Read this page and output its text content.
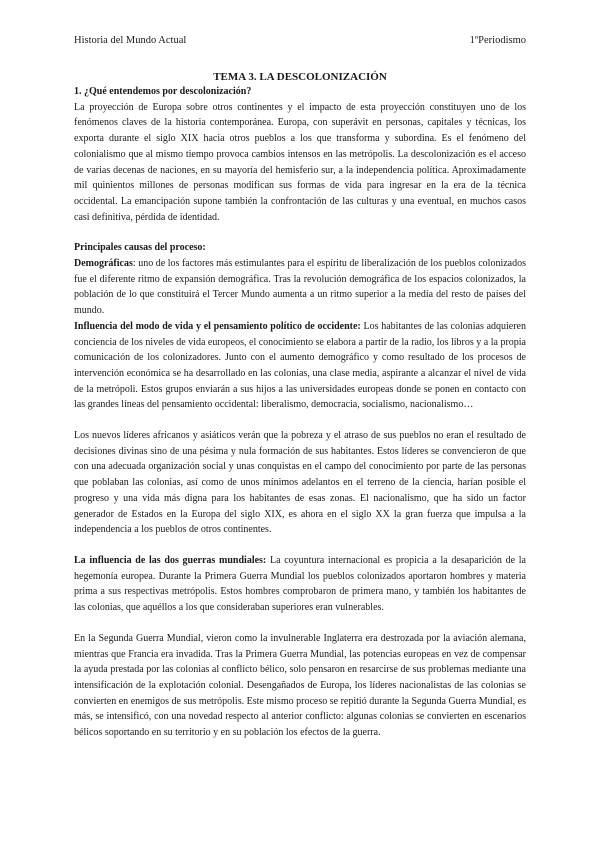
Historia del Mundo Actual	1ºPeriodismo

TEMA 3. LA DESCOLONIZACIÓN

1. ¿Qué entendemos por descolonización?

La proyección de Europa sobre otros continentes y el impacto de esta proyección constituyen uno de los fenómenos claves de la historia contemporánea. Europa, con superávit en personas, capitales y técnicas, los exporta durante el siglo XIX hacia otros pueblos a los que transforma y subordina. Es el fenómeno del colonialismo que al mismo tiempo provoca cambios intensos en las metrópolis. La descolonización es el acceso de varias decenas de naciones, en su mayoría del hemisferio sur, a la independencia política. Aproximadamente mil quinientos millones de personas modifican sus formas de vida para ingresar en la era de la técnica occidental. La emancipación supone también la confrontación de las culturas y una eventual, en muchos casos casi definitiva, pérdida de identidad.

Principales causas del proceso:

Demográficas: uno de los factores más estimulantes para el espíritu de liberalización de los pueblos colonizados fue el diferente ritmo de expansión demográfica. Tras la revolución demográfica de los espacios colonizados, la población de lo que constituirá el Tercer Mundo aumenta a un ritmo superior a la media del resto de países del mundo.

Influencia del modo de vida y el pensamiento político de occidente: Los habitantes de las colonias adquieren conciencia de los niveles de vida europeos, el conocimiento se elabora a partir de la radio, los libros y a la propia comunicación de los colonizadores. Junto con el aumento demográfico y como resultado de los procesos de intervención económica se ha desarrollado en las colonias, una clase media, aspirante a alcanzar el nivel de vida de la metrópoli. Estos grupos enviarán a sus hijos a las universidades europeas donde se ponen en contacto con las grandes líneas del pensamiento occidental: liberalismo, democracia, socialismo, nacionalismo…

Los nuevos líderes africanos y asiáticos verán que la pobreza y el atraso de sus pueblos no eran el resultado de decisiones divinas sino de una pésima y nula formación de sus habitantes. Estos líderes se convencieron de que con una adecuada organización social y unas conquistas en el campo del conocimiento por parte de las personas que poblaban las colonias, así como de unos mínimos adelantos en el terreno de la ciencia, harían posible el progreso y una vida más digna para los habitantes de esas zonas. El nacionalismo, que ha sido un factor generador de Estados en la Europa del siglo XIX, es ahora en el siglo XX la gran fuerza que impulsa a la independencia a los pueblos de otros continentes.

La influencia de las dos guerras mundiales: La coyuntura internacional es propicia a la desaparición de la hegemonía europea. Durante la Primera Guerra Mundial los pueblos colonizados aportaron hombres y materia prima a sus respectivas metrópolis. Estos hombres comprobaron de primera mano, y también los habitantes de las colonias, que aquéllos a los que consideraban superiores eran vulnerables.

En la Segunda Guerra Mundial, vieron como la invulnerable Inglaterra era destrozada por la aviación alemana, mientras que Francia era invadida. Tras la Primera Guerra Mundial, las potencias europeas en vez de compensar la ayuda prestada por las colonias al conflicto bélico, solo pensaron en resarcirse de sus problemas mediante una intensificación de la explotación colonial. Desengañados de Europa, los líderes nacionalistas de las colonias se convierten en enemigos de sus metrópolis. Este mismo proceso se repitió durante la Segunda Guerra Mundial, es más, se intensificó, con una novedad respecto al anterior conflicto: algunas colonias se convierten en escenarios bélicos soportando en su territorio y en su población los efectos de la guerra.
